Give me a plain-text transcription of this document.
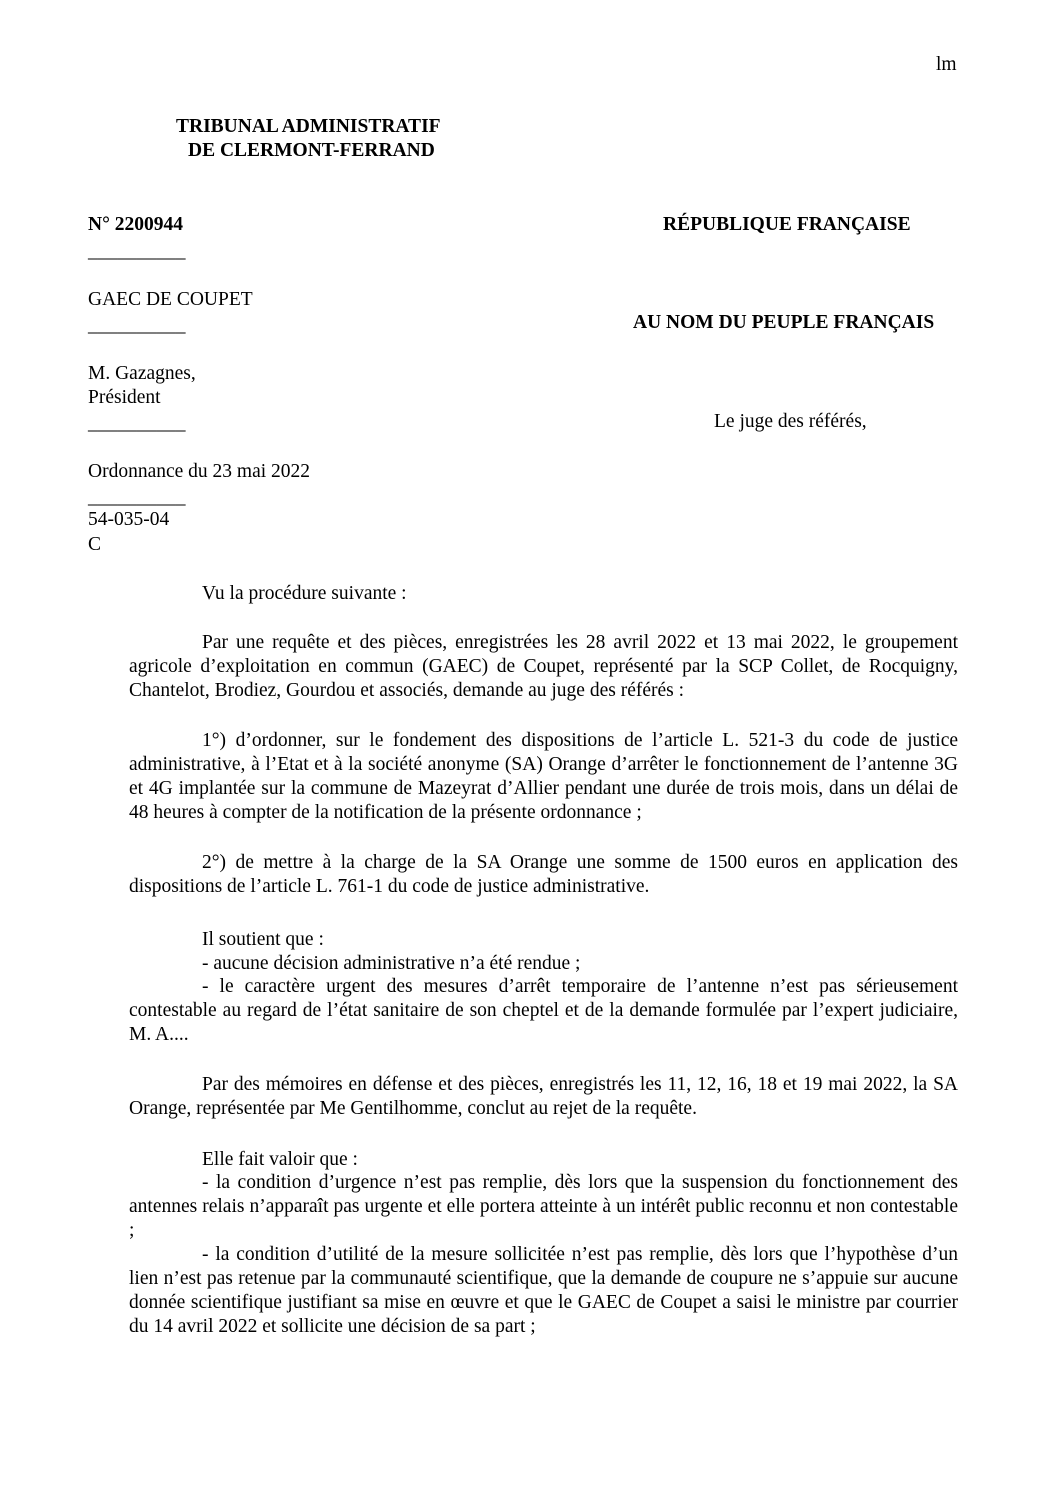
lm
TRIBUNAL ADMINISTRATIF
DE CLERMONT-FERRAND
N° 2200944	RÉPUBLIQUE FRANÇAISE
__________
GAEC DE COUPET
__________	AU NOM DU PEUPLE FRANÇAIS
M. Gazagnes,
Président
__________	Le juge des référés,
Ordonnance du 23 mai 2022
__________
54-035-04
C
Vu la procédure suivante :

Par une requête et des pièces, enregistrées les 28 avril 2022 et 13 mai 2022, le groupement agricole d’exploitation en commun (GAEC) de Coupet, représenté par la SCP Collet, de Rocquigny, Chantelot, Brodiez, Gourdou et associés, demande au juge des référés :

1°) d’ordonner, sur le fondement des dispositions de l’article L. 521-3 du code de justice administrative, à l’Etat et à la société anonyme (SA) Orange d’arrêter le fonctionnement de l’antenne 3G et 4G implantée sur la commune de Mazeyrat d’Allier pendant une durée de trois mois, dans un délai de 48 heures à compter de la notification de la présente ordonnance ;

2°) de mettre à la charge de la SA Orange une somme de 1500 euros en application des dispositions de l’article L. 761-1 du code de justice administrative.

Il soutient que :
- aucune décision administrative n’a été rendue ;

- le caractère urgent des mesures d’arrêt temporaire de l’antenne n’est pas sérieusement contestable au regard de l’état sanitaire de son cheptel et de la demande formulée par l’expert judiciaire, M. A....

Par des mémoires en défense et des pièces, enregistrés les 11, 12, 16, 18 et 19 mai 2022, la SA Orange, représentée par Me Gentilhomme, conclut au rejet de la requête.

Elle fait valoir que :

- la condition d’urgence n’est pas remplie, dès lors que la suspension du fonctionnement des antennes relais n’apparaît pas urgente et elle portera atteinte à un intérêt public reconnu et non contestable ;

- la condition d’utilité de la mesure sollicitée n’est pas remplie, dès lors que l’hypothèse d’un lien n’est pas retenue par la communauté scientifique, que la demande de coupure ne s’appuie sur aucune donnée scientifique justifiant sa mise en œuvre et que le GAEC de Coupet a saisi le ministre par courrier du 14 avril 2022 et sollicite une décision de sa part ;
